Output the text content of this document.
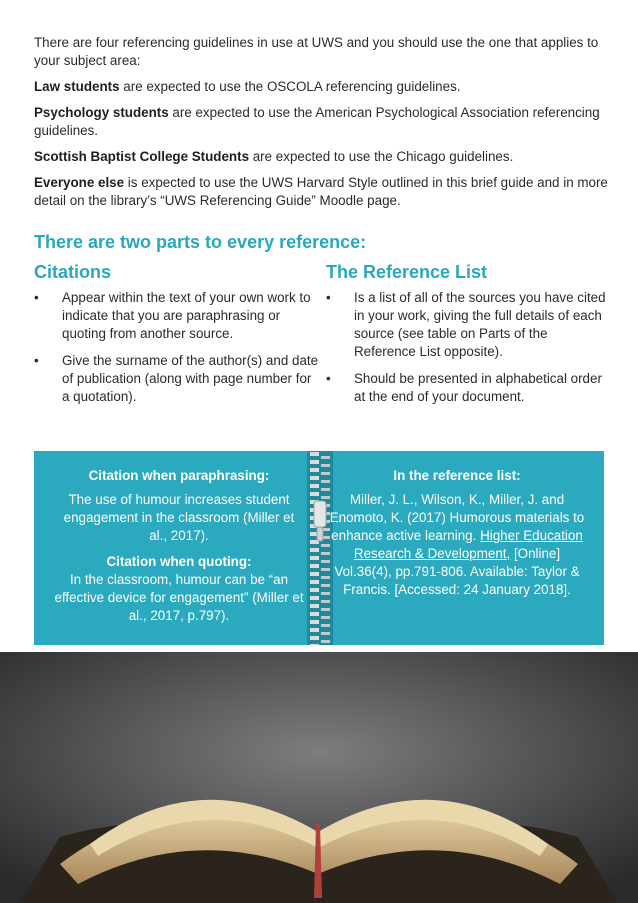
There are four referencing guidelines in use at UWS and you should use the one that applies to your subject area:

Law students are expected to use the OSCOLA referencing guidelines.

Psychology students are expected to use the American Psychological Association referencing guidelines.

Scottish Baptist College Students are expected to use the Chicago guidelines.

Everyone else is expected to use the UWS Harvard Style outlined in this brief guide and in more detail on the library’s “UWS Referencing Guide” Moodle page.

There are two parts to every reference:
Citations
• Appear within the text of your own work to indicate that you are paraphrasing or quoting from another source.
• Give the surname of the author(s) and date of publication (along with page number for a quotation).
The Reference List
• Is a list of all of the sources you have cited in your work, giving the full details of each source (see table on Parts of the Reference List opposite).
• Should be presented in alphabetical order at the end of your document.
Citation when paraphrasing:
The use of humour increases student engagement in the classroom (Miller et al., 2017).
Citation when quoting:
In the classroom, humour can be “an effective device for engagement” (Miller et al., 2017, p.797).
In the reference list:
Miller, J. L., Wilson, K., Miller, J. and Enomoto, K. (2017) Humorous materials to enhance active learning. Higher Education Research & Development, [Online] Vol.36(4), pp.791-806. Available: Taylor & Francis. [Accessed: 24 January 2018].
